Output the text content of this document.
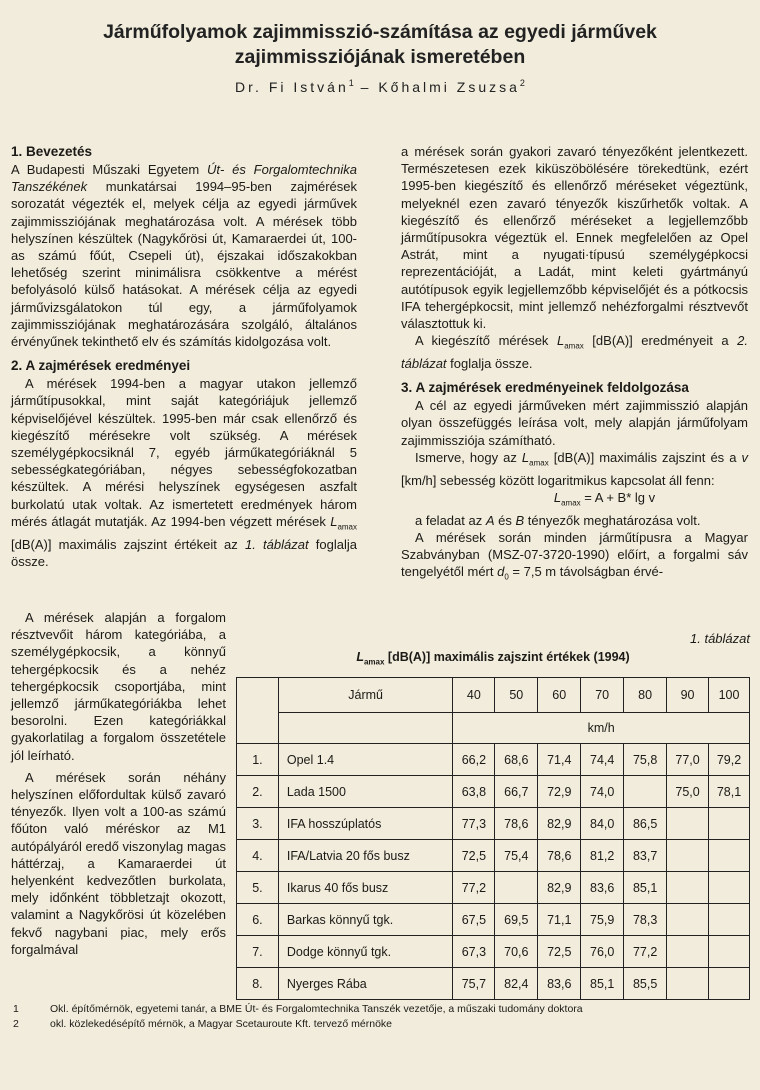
Járműfolyamok zajimmisszió-számítása az egyedi járművek
zajimmissziójának ismeretében
Dr. Fi István$^1$ – Kőhalmi Zsuzsa$^2$
1. Bevezetés

A Budapesti Műszaki Egyetem Út- és Forgalomtechnika Tanszékének munkatársai 1994–95-ben zajmérések sorozatát végezték el, melyek célja az egyedi járművek zajimmissziójának meghatározása volt. A mérések több helyszínen készültek (Nagykőrösi út, Kamaraerdei út, 100-as számú főút, Csepeli út), éjszakai időszakokban lehetőség szerint minimálisra csökkentve a mérést befolyásoló külső hatásokat. A mérések célja az egyedi járművizsgálatokon túl egy, a járműfolyamok zajimmissziójának meghatározására szolgáló, általános érvényűnek tekinthető elv és számítás kidolgozása volt.

2. A zajmérések eredményei

A mérések 1994-ben a magyar utakon jellemző járműtípusokkal, mint saját kategóriájuk jellemző képviselőjével készültek. 1995-ben már csak ellenőrző és kiegészítő mérésekre volt szükség. A mérések személygépkocsiknál 7, egyéb járműkategóriáknál 5 sebességkategóriában, négyes sebességfokozatban készültek. A mérési helyszínek egységesen aszfalt burkolatú utak voltak. Az ismertetett eredmények három mérés átlagát mutatják. Az 1994-ben végzett mérések $L_{amax}$ [dB(A)] maximális zajszint értékeit az 1. táblázat foglalja össze.

A mérések alapján a forgalom résztvevőit három kategóriába, a személygépkocsik, a könnyű tehergépkocsik és a nehéz tehergépkocsik csoportjába, mint jellemző járműkategóriákba lehet besorolni. Ezen kategóriákkal gyakorlatilag a forgalom összetétele jól leírható.

A mérések során néhány helyszínen előfordultak külső zavaró tényezők. Ilyen volt a 100-as számú főúton való méréskor az M1 autópályáról eredő viszonylag magas háttérzaj, a Kamaraerdei út helyenként kedvezőtlen burkolata, mely időnként többletzajt okozott, valamint a Nagykőrösi út közelében fekvő nagybani piac, mely erős forgalmával

a mérések során gyakori zavaró tényezőként jelentkezett. Természetesen ezek kiküszöbölésére törekedtünk, ezért 1995-ben kiegészítő és ellenőrző méréseket végeztünk, melyeknél ezen zavaró tényezők kiszűrhetők voltak. A kiegészítő és ellenőrző méréseket a legjellemzőbb járműtípusokra végeztük el. Ennek megfelelően az Opel Astrát, mint a nyugati·típusú személygépkocsi reprezentációját, a Ladát, mint keleti gyártmányú autótípusok egyik legjellemzőbb képviselőjét és a pótkocsis IFA tehergépkocsit, mint jellemző nehézforgalmi résztvevőt választottuk ki.

A kiegészítő mérések $L_{amax}$ [dB(A)] eredményeit a 2. táblázat foglalja össze.

3. A zajmérések eredményeinek feldolgozása

A cél az egyedi járműveken mért zajimmisszió alapján olyan összefüggés leírása volt, mely alapján járműfolyam zajimmissziója számítható.

Ismerve, hogy az $L_{amax}$ [dB(A)] maximális zajszint és a v [km/h] sebesség között logaritmikus kapcsolat áll fenn:

$L_{amax} = A + B*$ lg v

a feladat az A és B tényezők meghatározása volt.

A mérések során minden járműtípusra a Magyar Szabványban (MSZ-07-3720-1990) előírt, a forgalmi sáv tengelyétől mért $d_0 = 7,5$ m távolságban érvé-

1. táblázat
$L_{amax}$ [dB(A)] maximális zajszint értékek (1994)
	Jármű	40	50	60	70	80	90	100
		km/h						
1.	Opel 1.4	66,2	68,6	71,4	74,4	75,8	77,0	79,2
2.	Lada 1500	63,8	66,7	72,9	74,0		75,0	78,1
3.	IFA hosszúplatós	77,3	78,6	82,9	84,0	86,5		
4.	IFA/Latvia 20 fős busz	72,5	75,4	78,6	81,2	83,7		
5.	Ikarus 40 fős busz	77,2		82,9	83,6	85,1		
6.	Barkas könnyű tgk.	67,5	69,5	71,1	75,9	78,3		
7.	Dodge könnyű tgk.	67,3	70,6	72,5	76,0	77,2		
8.	Nyerges Rába	75,7	82,4	83,6	85,1	85,5		
1	Okl. építőmérnök, egyetemi tanár, a BME Út- és Forgalomtechnika Tanszék vezetője, a műszaki tudomány doktora
2	okl. közlekedésépítő mérnök, a Magyar Scetauroute Kft. tervező mérnöke
